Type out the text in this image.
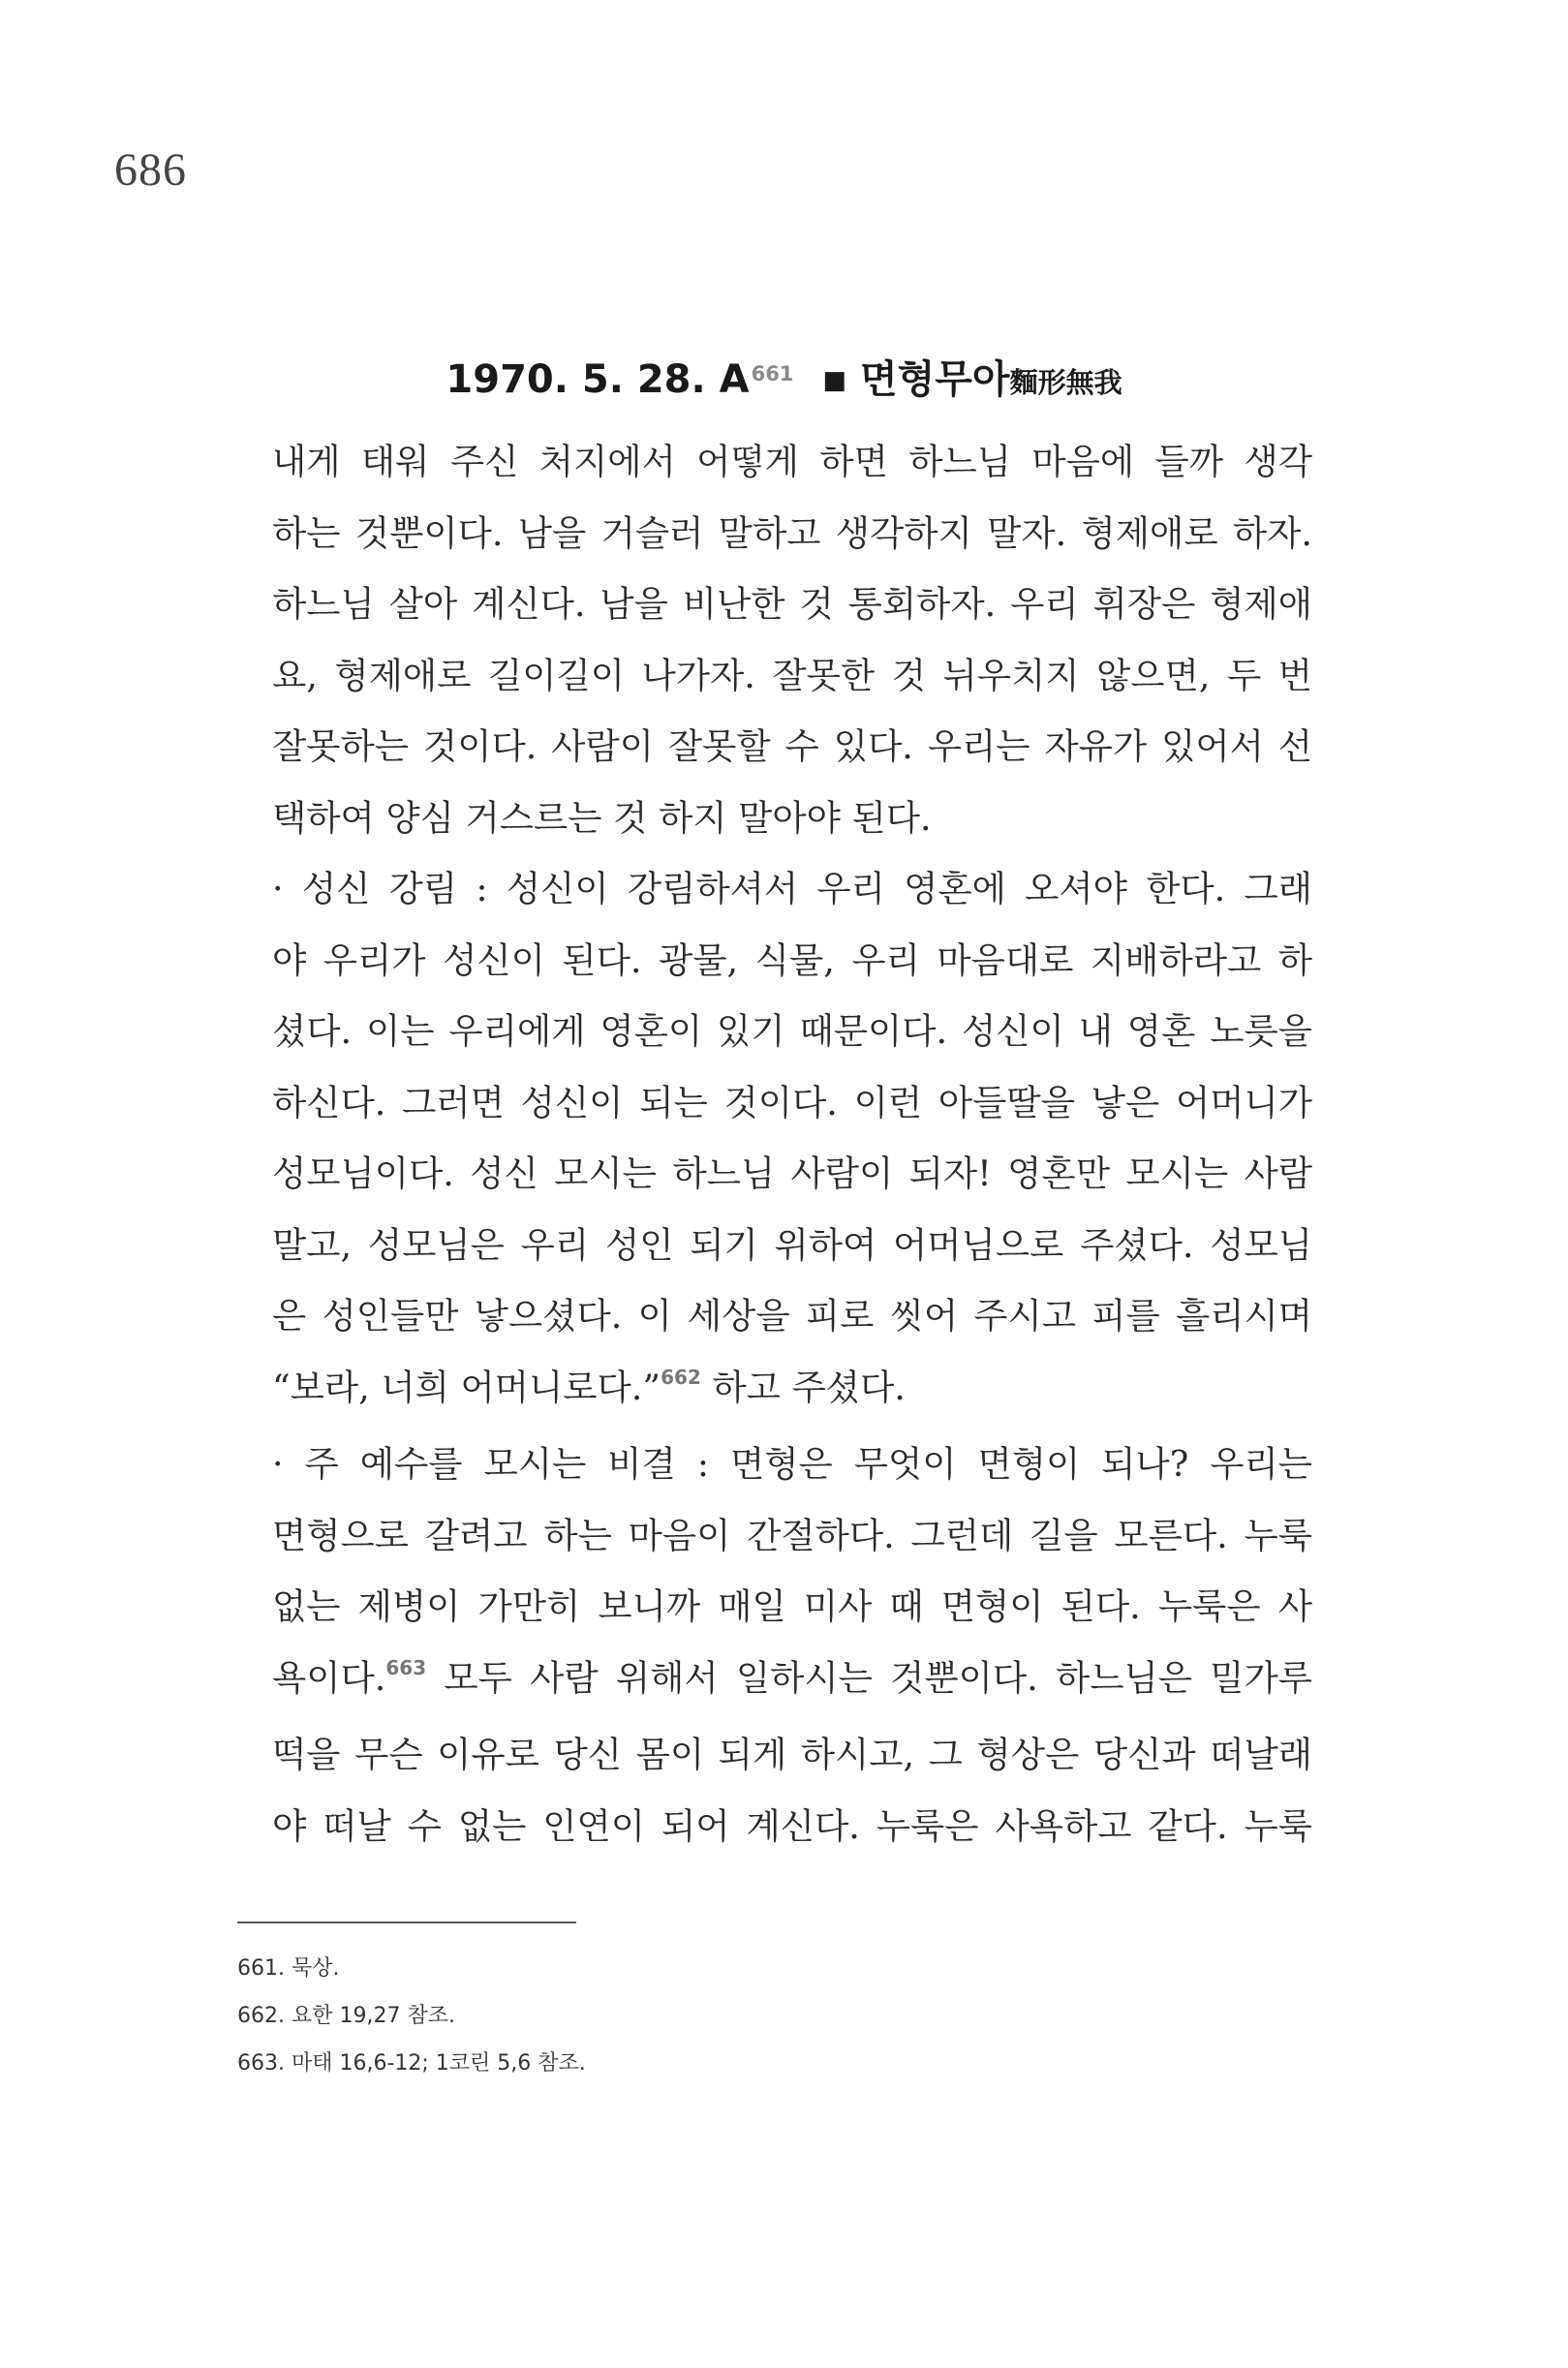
686
1970. 5. 28. $A^{661}$ ■ 면형무아麵形無我

내게 태워 주신 처지에서 어떻게 하면 하느님 마음에 들까 생각
하는 것뿐이다. 남을 거슬러 말하고 생각하지 말자. 형제애로 하자.
하느님 살아 계신다. 남을 비난한 것 통회하자. 우리 휘장은 형제애
요, 형제애로 길이길이 나가자. 잘못한 것 뉘우치지 않으면, 두 번
잘못하는 것이다. 사람이 잘못할 수 있다. 우리는 자유가 있어서 선
택하여 양심 거스르는 것 하지 말아야 된다.

· 성신 강림 : 성신이 강림하셔서 우리 영혼에 오셔야 한다. 그래
야 우리가 성신이 된다. 광물, 식물, 우리 마음대로 지배하라고 하
셨다. 이는 우리에게 영혼이 있기 때문이다. 성신이 내 영혼 노릇을
하신다. 그러면 성신이 되는 것이다. 이런 아들딸을 낳은 어머니가
성모님이다. 성신 모시는 하느님 사람이 되자! 영혼만 모시는 사람
말고, 성모님은 우리 성인 되기 위하여 어머님으로 주셨다. 성모님
은 성인들만 낳으셨다. 이 세상을 피로 씻어 주시고 피를 흘리시며
“보라, 너희 어머니로다.”$^{662}$ 하고 주셨다.

· 주 예수를 모시는 비결 : 면형은 무엇이 면형이 되나? 우리는
면형으로 갈려고 하는 마음이 간절하다. 그런데 길을 모른다. 누룩
없는 제병이 가만히 보니까 매일 미사 때 면형이 된다. 누룩은 사
욕이다.$^{663}$ 모두 사람 위해서 일하시는 것뿐이다. 하느님은 밀가루
떡을 무슨 이유로 당신 몸이 되게 하시고, 그 형상은 당신과 떠날래
야 떠날 수 없는 인연이 되어 계신다. 누룩은 사욕하고 같다. 누룩

661. 묵상.

662. 요한 19,27 참조.

663. 마태 16,6-12; 1코린 5,6 참조.
